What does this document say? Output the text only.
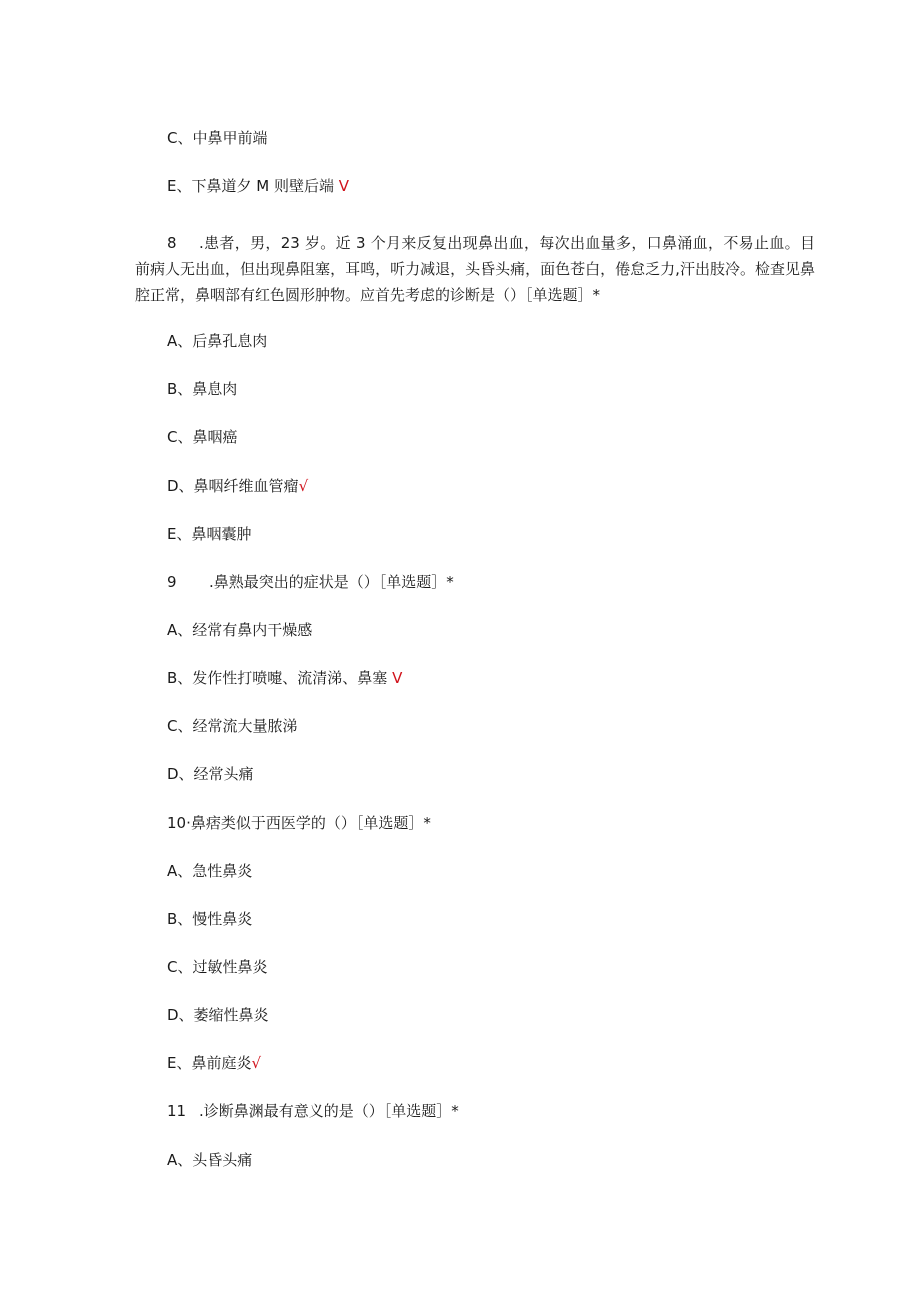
C、中鼻甲前端
E、下鼻道夕 M 则壁后端 V
8 .患者，男，23 岁。近 3 个月来反复出现鼻出血，每次出血量多，口鼻涌血，不易止血。目前病人无出血，但出现鼻阻塞，耳鸣，听力减退，头昏头痛，面色苍白，倦怠乏力,汗出肢冷。检查见鼻腔正常，鼻咽部有红色圆形肿物。应首先考虑的诊断是（）［单选题］*
A、后鼻孔息肉
B、鼻息肉
C、鼻咽癌
D、鼻咽纤维血管瘤√
E、鼻咽囊肿
9 .鼻熟最突出的症状是（）［单选题］*
A、经常有鼻内干燥感
B、发作性打喷嚏、流清涕、鼻塞 V
C、经常流大量脓涕
D、经常头痛
10·鼻痞类似于西医学的（）［单选题］*
A、急性鼻炎
B、慢性鼻炎
C、过敏性鼻炎
D、萎缩性鼻炎
E、鼻前庭炎√
11 .诊断鼻渊最有意义的是（）［单选题］*
A、头昏头痛
